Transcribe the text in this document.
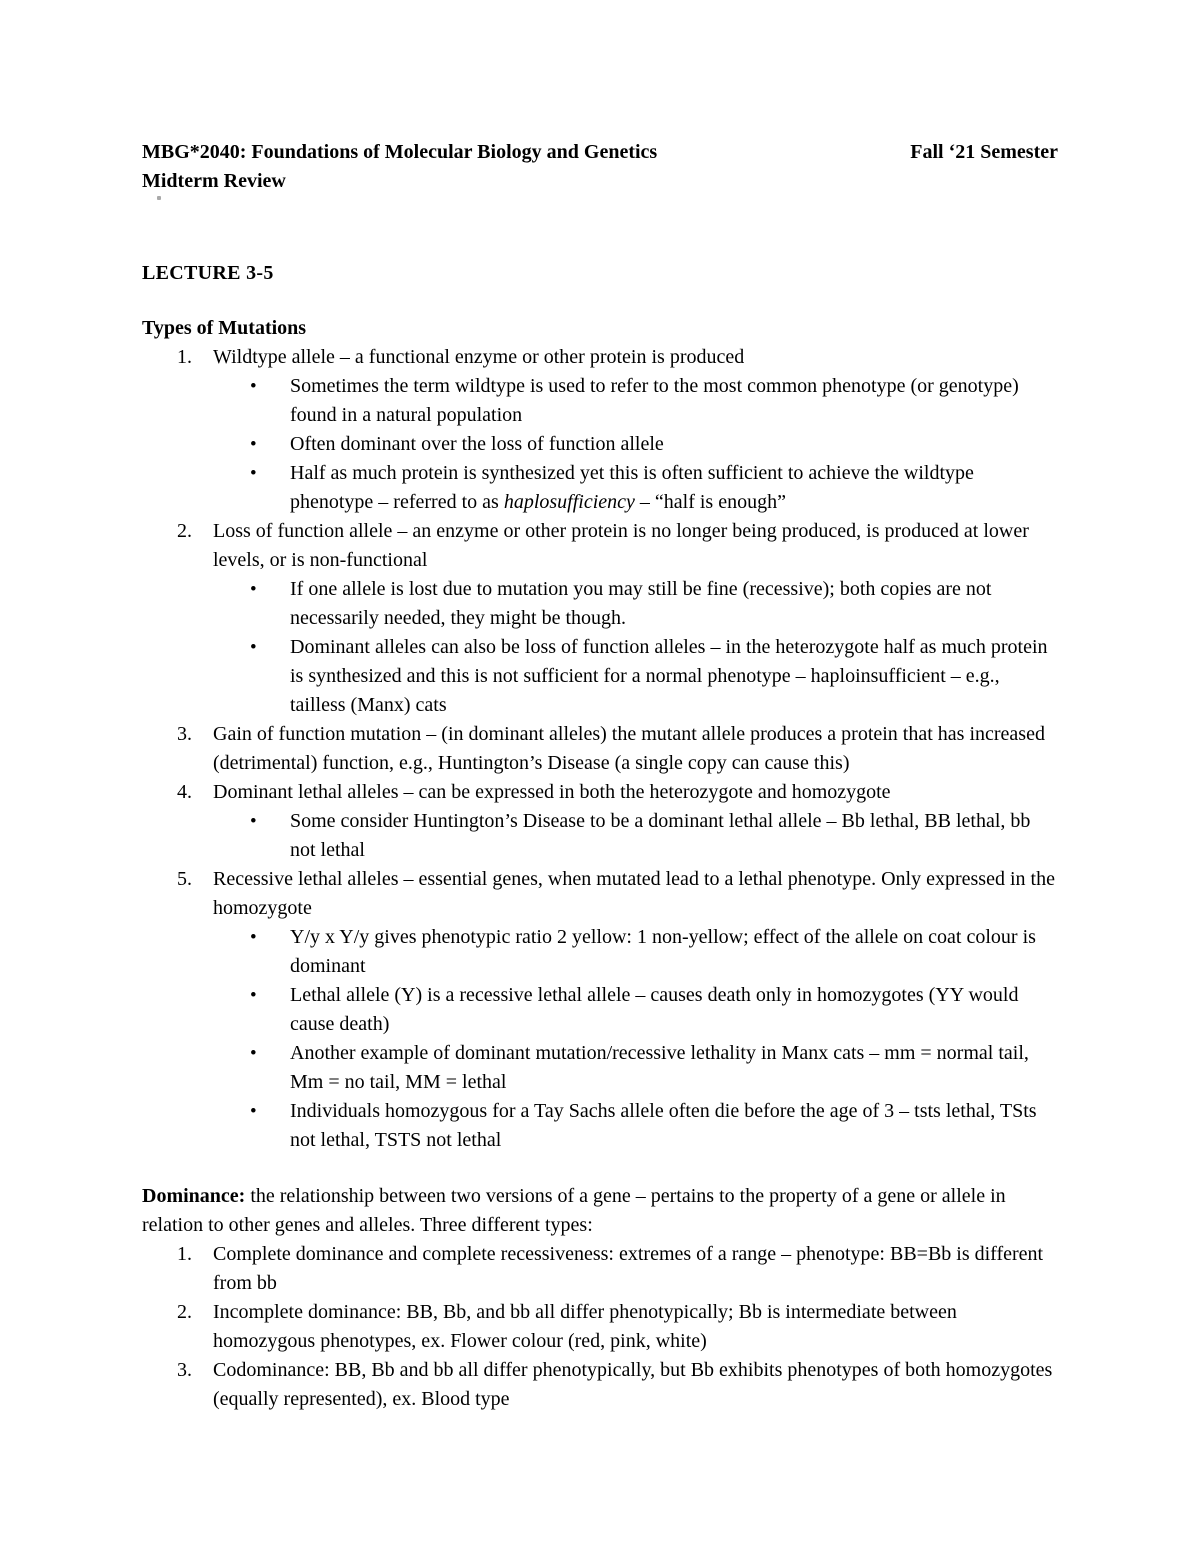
MBG*2040: Foundations of Molecular Biology and Genetics	Fall ‘21 Semester
Midterm Review
LECTURE 3-5
Types of Mutations
1.	Wildtype allele – a functional enzyme or other protein is produced
•	Sometimes the term wildtype is used to refer to the most common phenotype (or genotype) found in a natural population
•	Often dominant over the loss of function allele
•	Half as much protein is synthesized yet this is often sufficient to achieve the wildtype phenotype – referred to as haplosufficiency – “half is enough”
2.	Loss of function allele – an enzyme or other protein is no longer being produced, is produced at lower levels, or is non-functional
•	If one allele is lost due to mutation you may still be fine (recessive); both copies are not necessarily needed, they might be though.
•	Dominant alleles can also be loss of function alleles – in the heterozygote half as much protein is synthesized and this is not sufficient for a normal phenotype – haploinsufficient – e.g., tailless (Manx) cats
3.	Gain of function mutation – (in dominant alleles) the mutant allele produces a protein that has increased (detrimental) function, e.g., Huntington’s Disease (a single copy can cause this)
4.	Dominant lethal alleles – can be expressed in both the heterozygote and homozygote
•	Some consider Huntington’s Disease to be a dominant lethal allele – Bb lethal, BB lethal, bb not lethal
5.	Recessive lethal alleles – essential genes, when mutated lead to a lethal phenotype. Only expressed in the homozygote
•	Y/y x Y/y gives phenotypic ratio 2 yellow: 1 non-yellow; effect of the allele on coat colour is dominant
•	Lethal allele (Y) is a recessive lethal allele – causes death only in homozygotes (YY would cause death)
•	Another example of dominant mutation/recessive lethality in Manx cats – mm = normal tail, Mm = no tail, MM = lethal
•	Individuals homozygous for a Tay Sachs allele often die before the age of 3 – tsts lethal, TSts not lethal, TSTS not lethal

Dominance: the relationship between two versions of a gene – pertains to the property of a gene or allele in relation to other genes and alleles. Three different types:

1.	Complete dominance and complete recessiveness: extremes of a range – phenotype: BB=Bb is different from bb
2.	Incomplete dominance: BB, Bb, and bb all differ phenotypically; Bb is intermediate between homozygous phenotypes, ex. Flower colour (red, pink, white)
3.	Codominance: BB, Bb and bb all differ phenotypically, but Bb exhibits phenotypes of both homozygotes (equally represented), ex. Blood type
